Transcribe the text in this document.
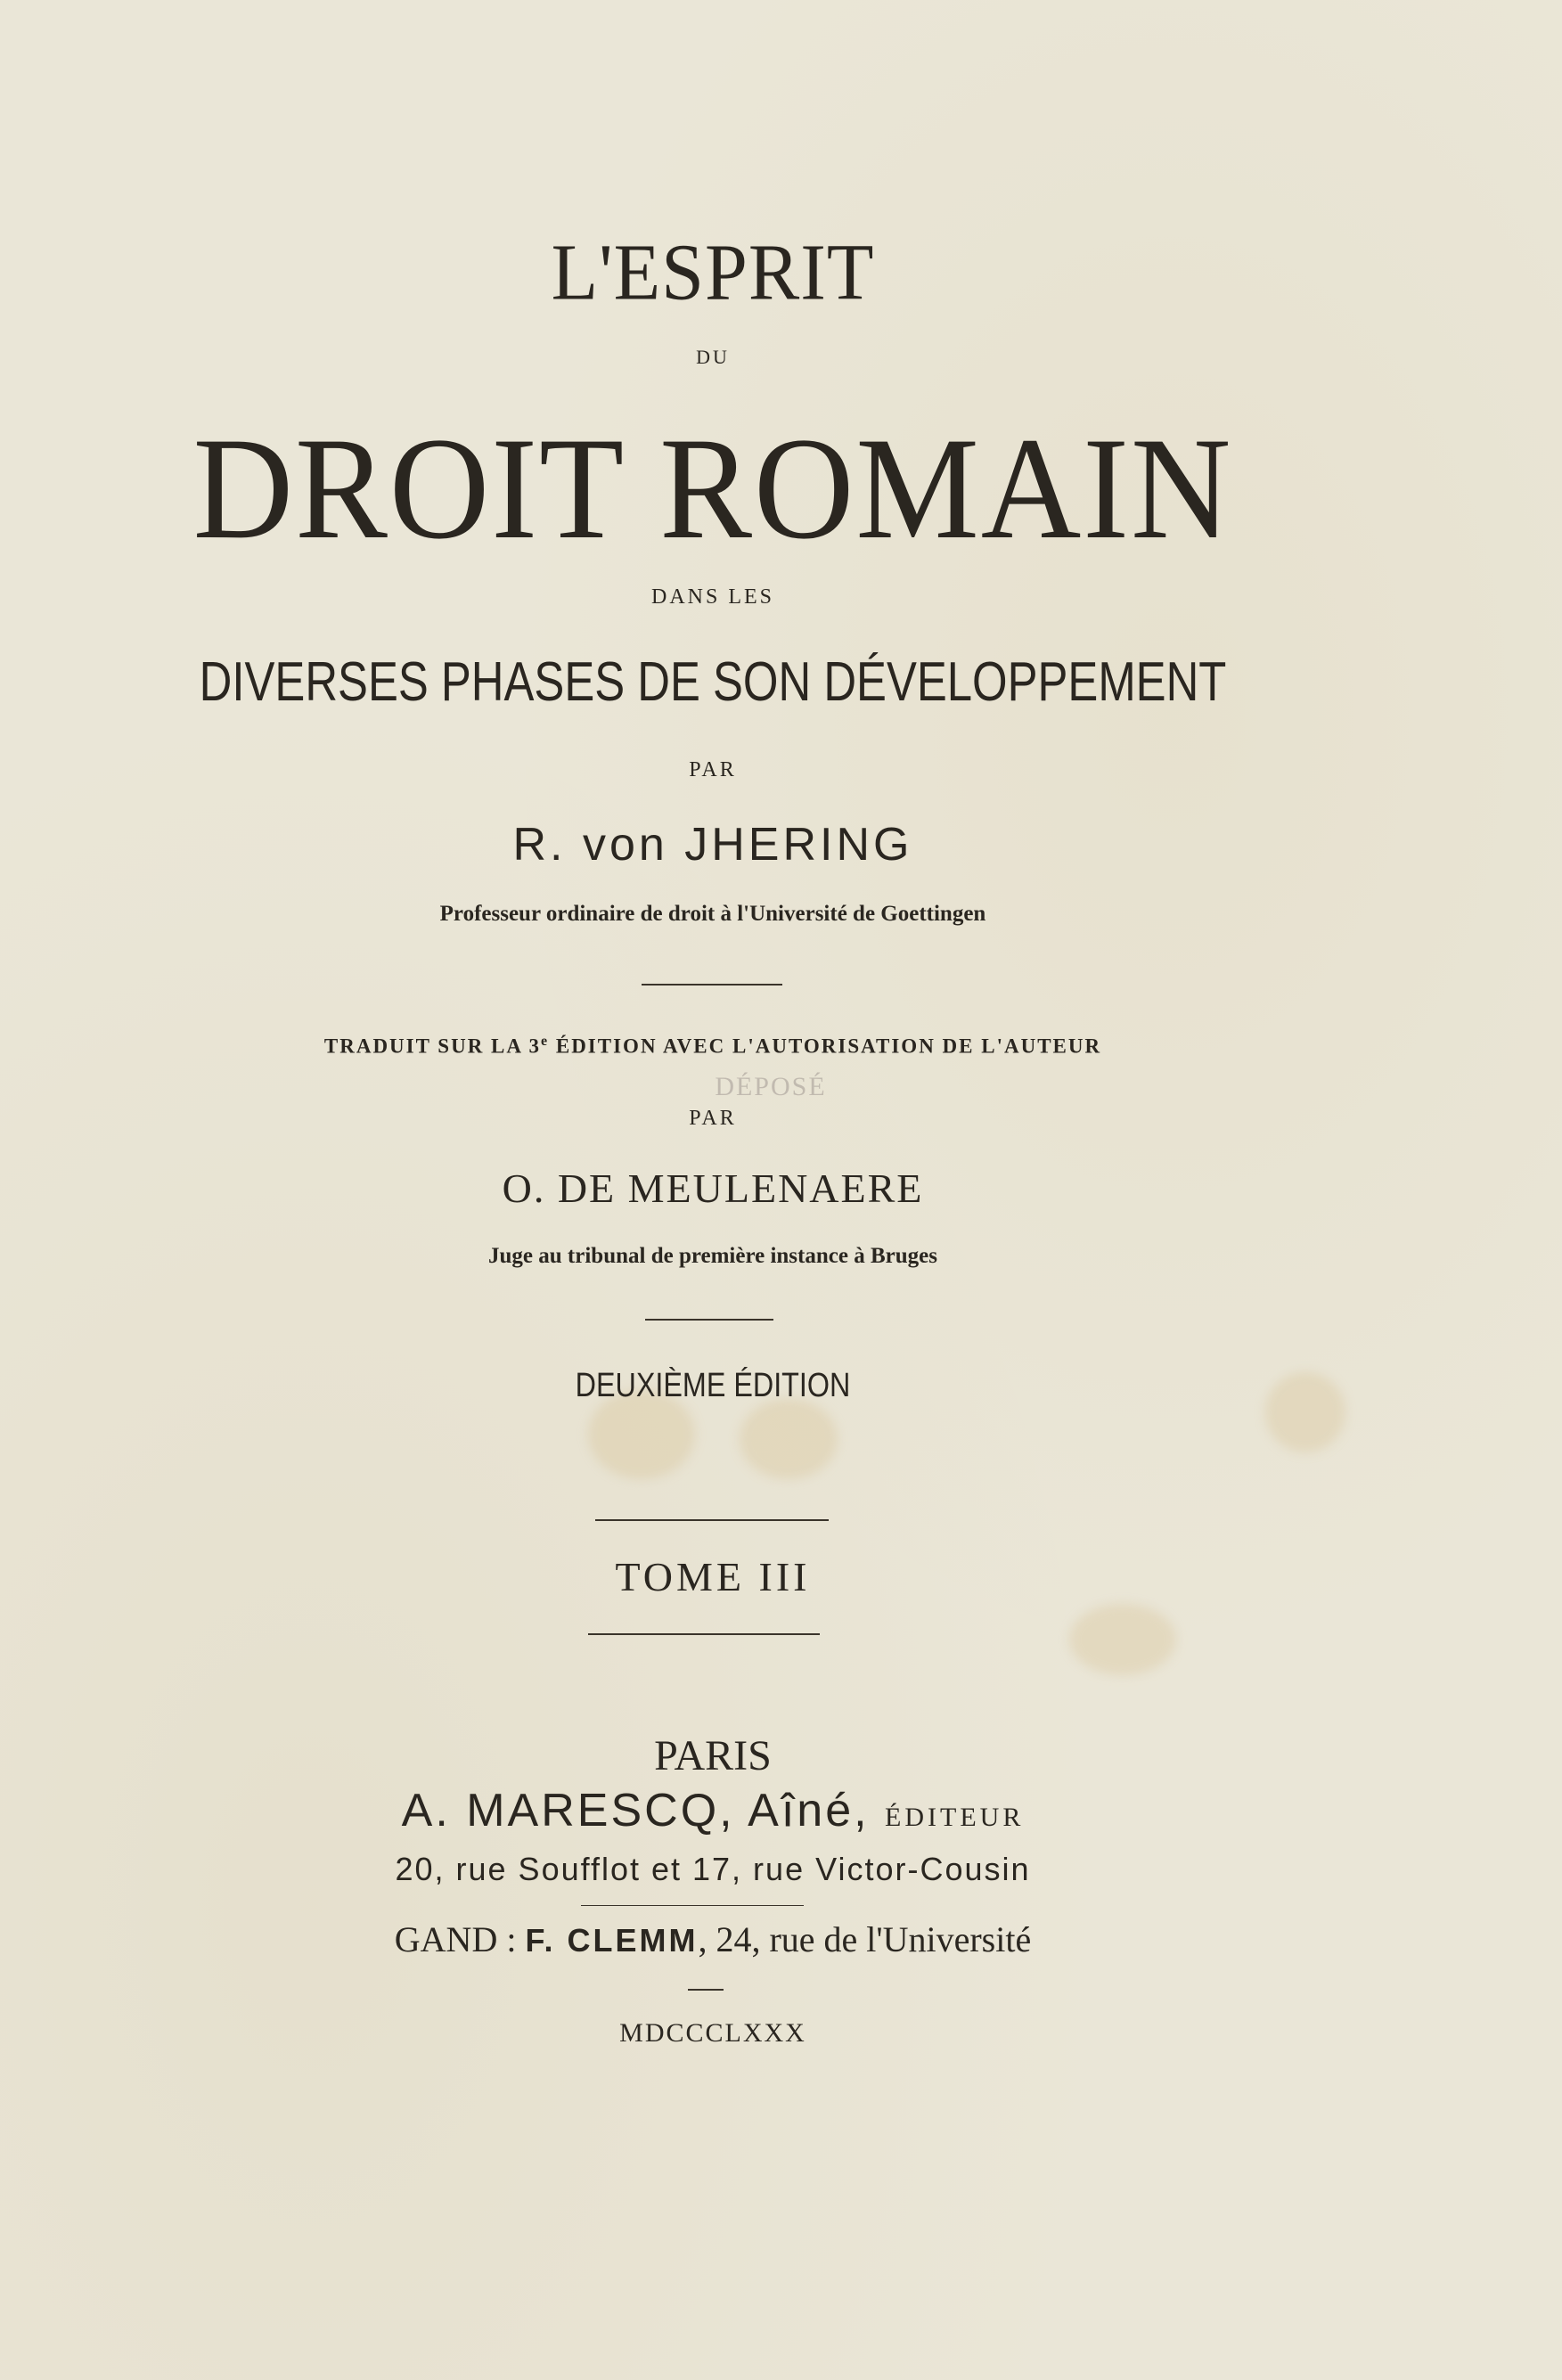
L'ESPRIT
DU
DROIT ROMAIN
DANS LES
DIVERSES PHASES DE SON DÉVELOPPEMENT
PAR
R. von JHERING
Professeur ordinaire de droit à l'Université de Goettingen
TRADUIT SUR LA 3e ÉDITION AVEC L'AUTORISATION DE L'AUTEUR
DÉPOSÉ
PAR
O. DE MEULENAERE
Juge au tribunal de première instance à Bruges
DEUXIÈME ÉDITION
TOME III
PARIS
A. MARESCQ, Aîné, ÉDITEUR
20, rue Soufflot et 17, rue Victor-Cousin
GAND : F. CLEMM, 24, rue de l'Université
MDCCCLXXX
